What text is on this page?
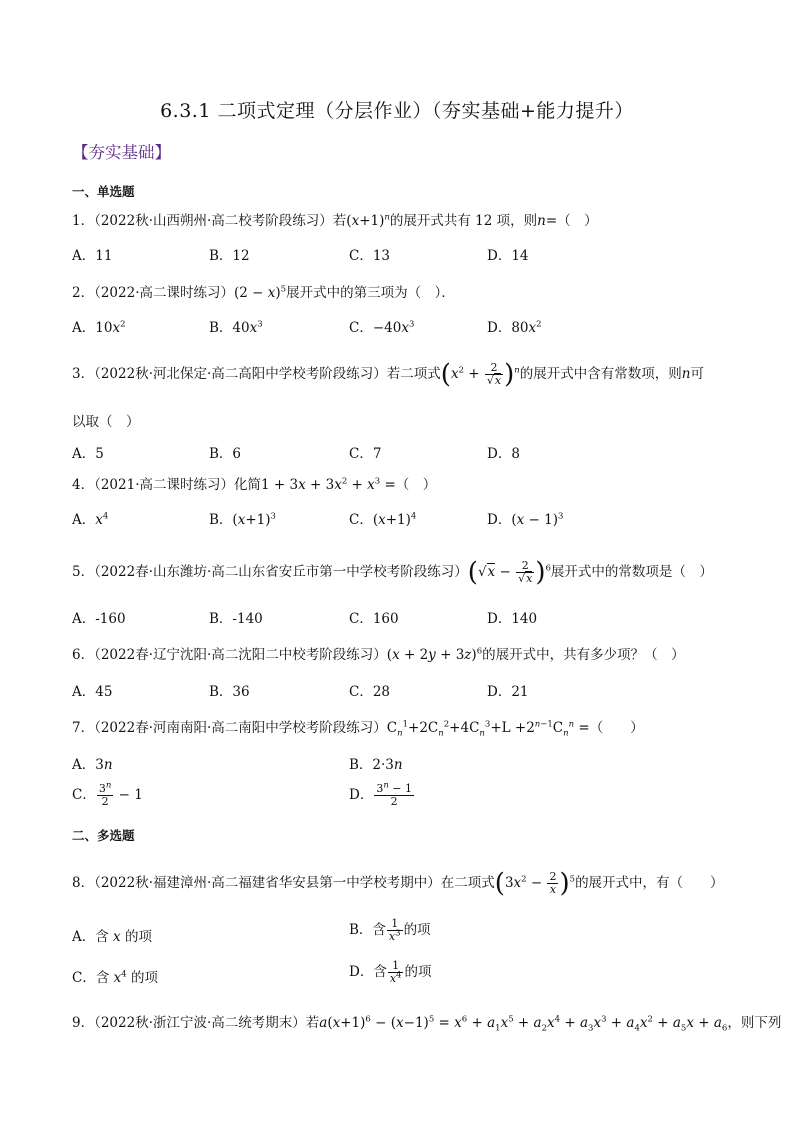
6.3.1 二项式定理（分层作业）（夯实基础+能力提升）
【夯实基础】
一、单选题
1．（2022秋·山西朔州·高二校考阶段练习）若$(x+1)^n$的展开式共有 12 项，则n=（　）
A．11	B．12	C．13	D．14
2．（2022·高二课时练习）$(2 - x)^5$展开式中的第三项为（　）．
A．$10x^2$	B．$40x^3$	C．$-40x^3$	D．$80x^2$
3．（2022秋·河北保定·高二高阳中学校考阶段练习）若二项式$(x^2 + \frac{2}{√x} )^n$的展开式中含有常数项，则n可
以取（　）
A．5	B．6	C．7	D．8
4．（2021·高二课时练习）化简$1 + 3x + 3x^2 + x^3$ =（　）
A．$x^4$	B．$(x+1)^3$	C．$(x+1)^4$	D．$(x - 1)^3$
5．（2022春·山东潍坊·高二山东省安丘市第一中学校考阶段练习）$(√x - \frac{2}{√x} )^6$展开式中的常数项是（　）
A．-160	B．-140	C．160	D．140
6．（2022春·辽宁沈阳·高二沈阳二中校考阶段练习）$(x + 2y + 3z)^6$的展开式中，共有多少项？（　）
A．45	B．36	C．28	D．21
7．（2022春·河南南阳·高二南阳中学校考阶段练习）$C_n^1+2C_n^2+4C_n^3+L +2^{n-1}C_n^n$ =（　　）
A．3n	B．2·3n
C． $\frac{3^n}{2} - 1$	D． $\frac{3^n - 1}{2}$
二、多选题
8．（2022秋·福建漳州·高二福建省华安县第一中学校考期中）在二项式$(3x^2 - \frac{2}{x} )^5$的展开式中，有（　　）
A．含 x 的项	B．含 $\frac{1}{x^3}$ 的项
C．含 $x^4$ 的项	D．含 $\frac{1}{x^4}$ 的项
9．（2022秋·浙江宁波·高二统考期末）若$a(x+1)^6 - (x-1)^5 = x^6 + a_1x^5 + a_2x^4 + a_3x^3 + a_4x^2 + a_5x + a_6$，则下列
